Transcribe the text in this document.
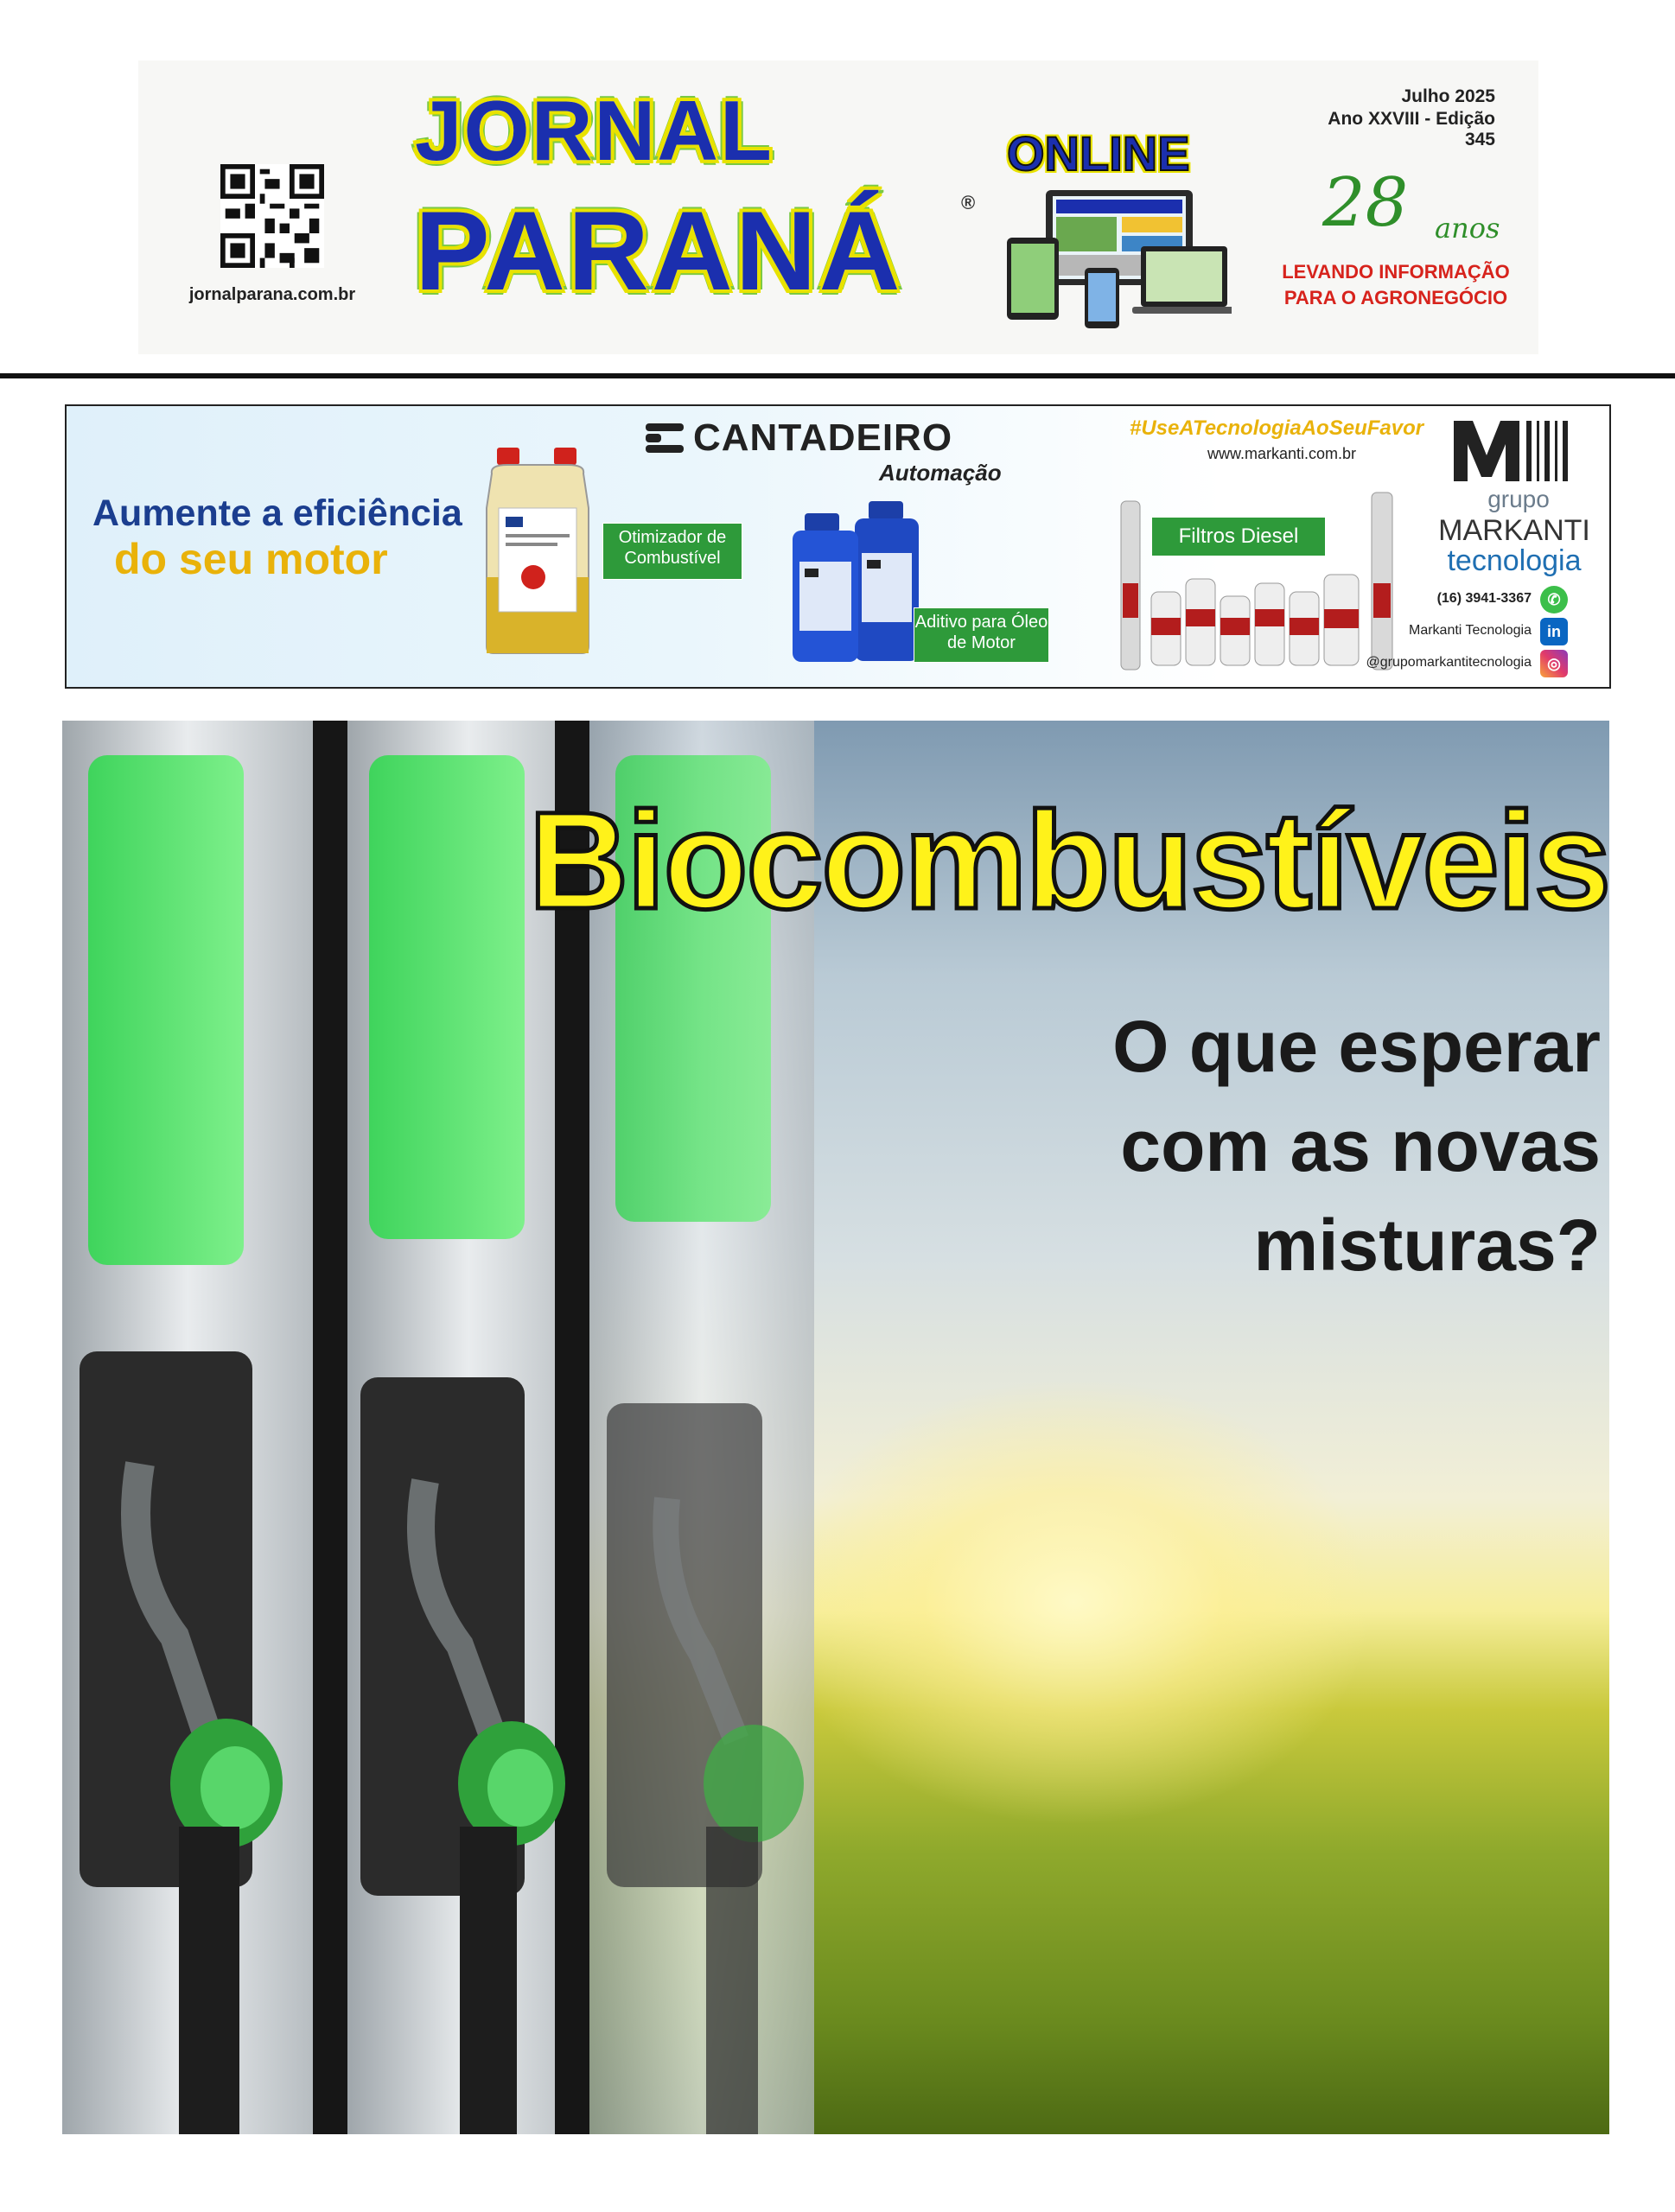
jornalparana.com.br
JORNAL
PARANÁ	®
ONLINE
Julho 2025
Ano XXVIII - Edição 345
28 anos
LEVANDO INFORMAÇÃO
PARA O AGRONEGÓCIO
Aumente a eficiência
do seu motor
CANTADEIRO
Automação
Otimizador de Combustível
Aditivo para Óleo de Motor
Filtros Diesel
#UseATecnologiaAoSeuFavor
www.markanti.com.br
grupo
MARKANTI
tecnologia
(16) 3941-3367	✆
Markanti Tecnologia	in
@grupomarkantitecnologia	◎
Biocombustíveis
O que esperar
com as novas
misturas?
